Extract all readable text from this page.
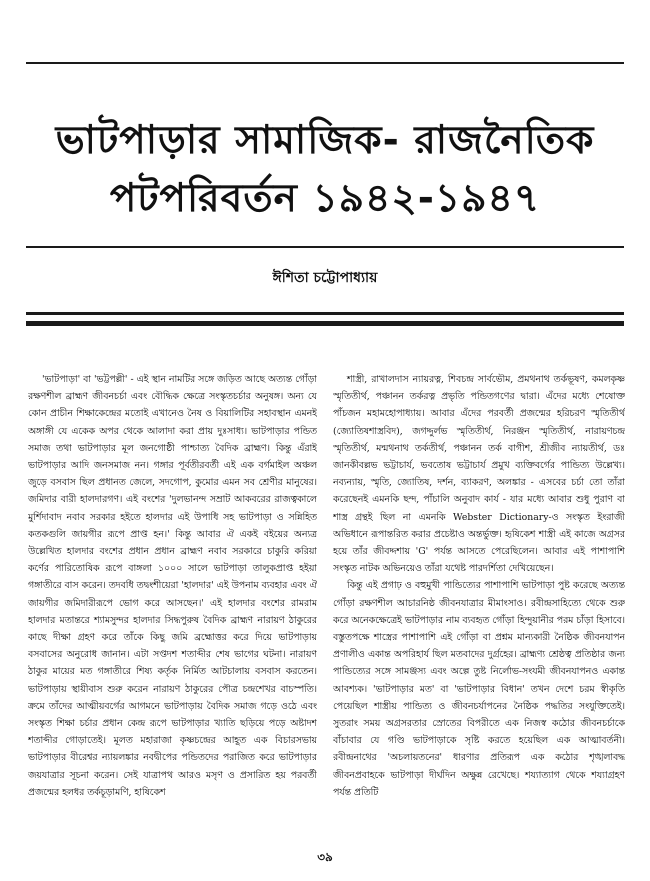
ভাটপাড়ার সামাজিক- রাজনৈতিক
পটপরিবর্তন ১৯৪২-১৯৪৭
ঈশিতা চট্টোপাধ্যায়

'ভাটপাড়া' বা 'ভট্টপল্লী' - এই স্থান নামটির সঙ্গে জড়িত আছে অত্যন্ত গোঁড়া রক্ষণশীল ব্রাহ্মণ জীবনচর্চা এবং বৌদ্ধিক ক্ষেত্রে সংস্কৃতচর্চার অনুষঙ্গ। অন্য যে কোন প্রাচীন শিক্ষাকেন্দ্রের মতোই এখানেও নৈষ ও বিয়ালিটির সহাবস্থান এমনই অঙ্গাঙ্গী যে একেক অপর থেকে আলাদা করা প্রায় দুঃসাধ্য। ভাটপাড়ার পন্ডিত সমাজ তথা ভাটপাড়ার মূল জনগোষ্ঠী পাশ্চাত্য বৈদিক ব্রাহ্মণ। কিন্তু এঁরাই ভাটপাড়ার আদি জনসমাজ নন। গঙ্গার পূর্বতীরবর্তী এই এক বর্গমাইল অঞ্চল জুড়ে বসবাস ছিল প্রধানত জেলে, সদগোপ, কুমোর এমন সব শ্রেণীর মানুষের। জমিদার বারী হালদারগণ। এই বংশের 'দুলভানন্দ সম্রাট আকবরের রাজত্বকালে মুর্শিদাবাদ নবাব সরকার হইতে হালদার এই উপাধি সহ ভাটপাড়া ও সন্নিহিত কতকগুলি জায়গীর রূপে প্রাপ্ত হন।' কিন্তু আবার ঐ একই বইয়ের অন্যত্র উল্লেখিত হালদার বংশের প্রধান প্রধান ব্রাহ্মণ নবাব সরকারে চাকুরি করিয়া কর্ণের পারিতোষিক রূপে বাঙ্গলা ১০০০ সালে ভাটপাড়া তালুকপ্রাপ্ত হইয়া গঙ্গাতীরে বাস করেন। তদবধি তদ্বংশীয়েরা 'হালদার' এই উপনাম ব্যবহার এবং ঐ জায়গীর জমিদারীরূপে ভোগ করে আসছেন।' এই হালদার বংশের রামরাম হালদার মতান্তরে শ্যামসুন্দর হালদার সিদ্ধপুরুষ বৈদিক ব্রাহ্মণ নারায়ণ ঠাকুরের কাছে দীক্ষা গ্রহণ করে তাঁকে কিছু জমি ব্রহ্মোত্তর করে দিয়ে ভাটপাড়ায় বসবাসের অনুরোধ জানান। এটা সপ্তদশ শতাব্দীর শেষ ভাগের ঘটনা। নারায়ণ ঠাকুর মায়ের মত গঙ্গাতীরে শিষ্য কর্তৃক নির্মিত আটচালায় বসবাস করতেন। ভাটপাড়ায় স্থায়ীবাস শুরু করেন নারায়ণ ঠাকুরের পৌত্র চন্দ্রশেখর বাচস্পতি। ক্রমে তাঁদের আত্মীয়বর্গের আগমনে ভাটপাড়ায় বৈদিক সমাজ গড়ে ওঠে এবং সংস্কৃত শিক্ষা চর্চার প্রধান কেন্দ্র রূপে ভাটপাড়ার খ্যাতি ছড়িয়ে পড়ে অষ্টাদশ শতাব্দীর গোড়াতেই। মূলত মহারাজা কৃষ্ণচন্দ্রের আহূত এক বিচারসভায় ভাটপাড়ার বীরেশ্বর ন্যায়লঙ্কার নবদ্বীপের পন্ডিতদের পরাজিত করে ভাটপাড়ার জয়যাত্রার সূচনা করেন। সেই যাত্রাপথ আরও মসৃণ ও প্রসারিত হয় পরবর্তী প্রজন্মের হলধর তর্কচূড়ামণি, হাষিকেশ

শাস্ত্রী, রাখালদাস ন্যায়রত্ন, শিবচন্দ্র সার্বভৌম, প্রমথনাথ তর্কভূষণ, কমলকৃষ্ণ স্মৃতিতীর্থ, পঞ্চানন তর্করত্ন প্রভৃতি পন্ডিতগণের দ্বারা। এঁদের মধ্যে শেষোক্ত পাঁচজন মহামহোপাধ্যায়। আবার এঁদের পরবর্তী প্রজন্মের হরিচরণ স্মৃতিতীর্থ (জ্যোতিষশাস্ত্রবিদ), জগদ্দুর্লভ স্মৃতিতীর্থ, নিরঞ্জন স্মৃতিতীর্থ, নারায়ণচন্দ্র স্মৃতিতীর্থ, মন্মথনাথ তর্কতীর্থ, পঞ্চানন তর্ক বাগীশ, শ্রীজীব ন্যায়তীর্থ, ডঃ জানকীবল্লভ ভট্টাচার্য, ভবতোষ ভট্টাচার্য প্রমুখ ব্যক্তিবর্গের পান্ডিত্য উল্লেখ্য। নব্যন্যায়, স্মৃতি, জ্যোতিষ, দর্শন, ব্যাকরণ, অলঙ্কার - এসবের চর্চা তো তাঁরা করেছেনই এমনকি ছন্দ, পাঁচালি অনুবাদ কার্য - যার মধ্যে আবার শুধু পুরাণ বা শাস্ত্র গ্রন্থই ছিল না এমনকি Webster Dictionary-ও সংস্কৃত ইংরাজী অভিধানে রূপান্তরিত করার প্রচেষ্টাও অন্তর্ভুক্ত। হৃষিকেশ শাস্ত্রী এই কাজে অগ্রসর হয়ে তাঁর জীবদ্দশায় 'G' পর্যন্ত আসতে পেরেছিলেন। আবার এই পাশাপাশি সংস্কৃত নাটক অভিনয়েও তাঁরা যথেষ্ট পারদর্শিতা দেখিয়েছেন।

কিন্তু এই প্রগাঢ় ও বহুমুখী পান্ডিত্যের পাশাপাশি ভাটপাড়া পুষ্ট করেছে অত্যন্ত গোঁড়া রক্ষণশীল আচারনিষ্ঠ জীবনযাত্রার মীমাংসাও। রবীন্দ্রসাহিত্যে থেকে শুরু করে অনেকক্ষেত্রেই ভাটপাড়ার নাম ব্যবহৃত গোঁড়া হিন্দুয়ানীর পরম চাঁড়া হিসাবে। বস্তুতপক্ষে শাস্ত্রের পাশাপাশি এই গোঁড়া বা প্রশ্নম মান্যকারী নৈষ্ঠিক জীবনযাপন প্রণালীও একান্ত অপরিহার্য ছিল মতবাদের দুর্গ্রহের। ব্রাহ্মণ্য শ্রেষ্ঠত্ব প্রতিষ্ঠার জন্য পান্ডিত্যের সঙ্গে সামঞ্জস্য এবং অল্পে তুষ্ট নির্লোভ-সংযমী জীবনযাপনও একান্ত আবশ্যক। 'ভাটপাড়ার মত' বা 'ভাটপাড়ার বিধান' তখন দেশে চরম স্বীকৃতি পেয়েছিল শাস্ত্রীয় পান্ডিত্য ও জীবনচর্যাপনের নৈষ্ঠিক পদ্ধতির সংযুক্তিতেই। সুতরাং সময় অগ্রসরতার স্রোতের বিপরীতে এক নিজস্ব কঠোর জীবনচর্চাকে বাঁচাবার যে গণ্ডি ভাটপাড়াকে সৃষ্টি করতে হয়েছিল এক আত্মাবর্তনী। রবীন্দ্রনাথের 'অচলায়তনের' ধারণার প্রতিরূপ এক কঠোর শৃঙ্খলাবদ্ধ জীবনপ্রবাহকে ভাটপাড়া দীর্ঘদিন অক্ষুন্ন রেখেছে। শয্যাত্যাগ থেকে শয্যাগ্রহণ পর্যন্ত প্রতিটি

৩৯
